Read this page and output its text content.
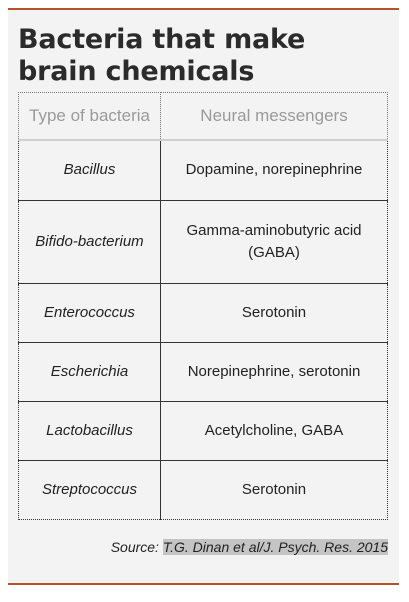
Bacteria that make brain chemicals
Type of bacteria	Neural messengers
Bacillus	Dopamine, norepinephrine
Bifido-bacterium	Gamma-aminobutyric acid (GABA)
Enterococcus	Serotonin
Escherichia	Norepinephrine, serotonin
Lactobacillus	Acetylcholine, GABA
Streptococcus	Serotonin
Source: T.G. Dinan et al/J. Psych. Res. 2015
